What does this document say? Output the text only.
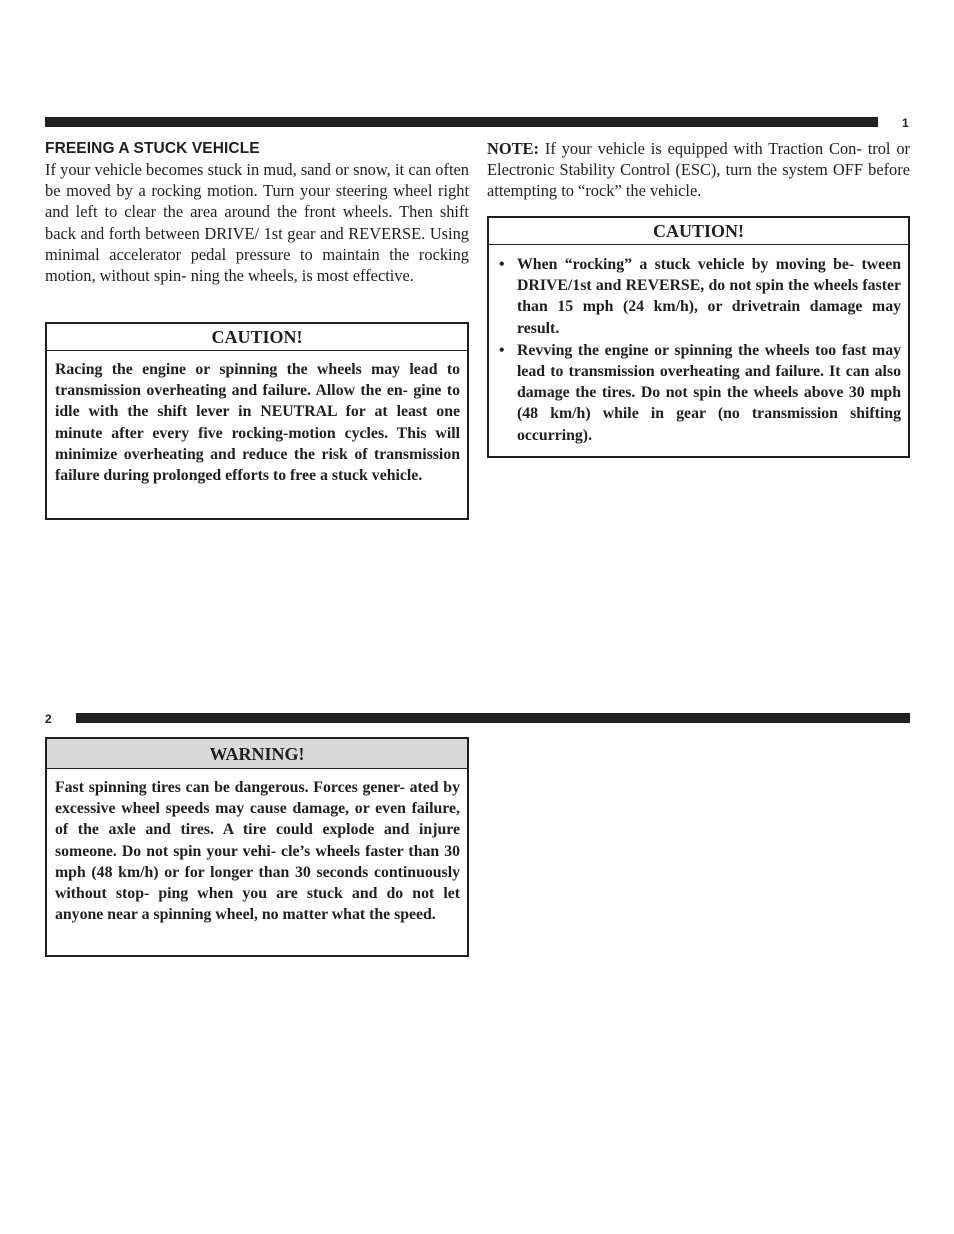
1
FREEING A STUCK VEHICLE

If your vehicle becomes stuck in mud, sand or snow, it can often be moved by a rocking motion. Turn your steering wheel right and left to clear the area around the front wheels. Then shift back and forth between DRIVE/ 1st gear and REVERSE. Using minimal accelerator pedal pressure to maintain the rocking motion, without spin- ning the wheels, is most effective.

CAUTION!
Racing the engine or spinning the wheels may lead to transmission overheating and failure. Allow the en- gine to idle with the shift lever in NEUTRAL for at least one minute after every five rocking-motion cycles. This will minimize overheating and reduce the risk of transmission failure during prolonged efforts to free a stuck vehicle.

NOTE: If your vehicle is equipped with Traction Con- trol or Electronic Stability Control (ESC), turn the system OFF before attempting to “rock” the vehicle.

CAUTION!
• When “rocking” a stuck vehicle by moving be- tween DRIVE/1st and REVERSE, do not spin the wheels faster than 15 mph (24 km/h), or drivetrain damage may result.
• Revving the engine or spinning the wheels too fast may lead to transmission overheating and failure. It can also damage the tires. Do not spin the wheels above 30 mph (48 km/h) while in gear (no transmission shifting occurring).
2
WARNING!
Fast spinning tires can be dangerous. Forces gener- ated by excessive wheel speeds may cause damage, or even failure, of the axle and tires. A tire could explode and injure someone. Do not spin your vehi- cle’s wheels faster than 30 mph (48 km/h) or for longer than 30 seconds continuously without stop- ping when you are stuck and do not let anyone near a spinning wheel, no matter what the speed.
